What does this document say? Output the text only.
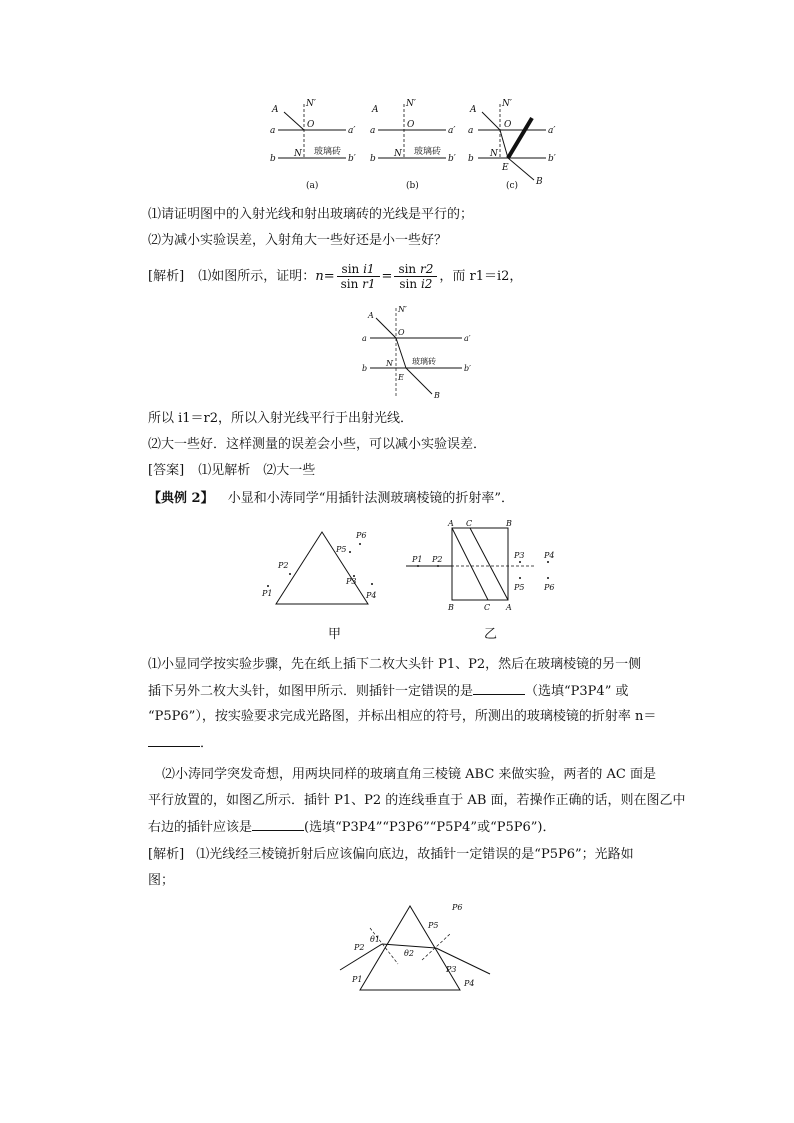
A
N′
O
a	a′
b	b′
N 玻璃砖
(a)
A
N′
O
a	a′
b	b′
N 玻璃砖
(b)
A
N′
O
a	a′
b	b′
N
E
B
(c)
⑴请证明图中的入射光线和射出玻璃砖的光线是平行的；
⑵为减小实验误差，入射角大一些好还是小一些好？
[解析] ⑴如图所示，证明：$n= \frac{\text{sin i1}}{\text{sin r1}} = \frac{\text{sin r2}}{\text{sin i2}}$ ，而 r1＝i2，
A
N′
O
a	a′
b	b′
N 玻璃砖
E
B
所以 i1＝r2，所以入射光线平行于出射光线．
⑵大一些好．这样测量的误差会小些，可以减小实验误差．
[答案] ⑴见解析　⑵大一些
【典例 2】 小显和小涛同学“用插针法测玻璃棱镜的折射率”．
P1
P2
P3
P4
P5
P6
甲
A C	B
B	C A
P1 P2	P3
P5
P4
P6
乙
⑴小显同学按实验步骤，先在纸上插下二枚大头针 P1、P2，然后在玻璃棱镜的另一侧
插下另外二枚大头针，如图甲所示．则插针一定错误的是	（选填“P3P4” 或
“P5P6”），按实验要求完成光路图，并标出相应的符号，所测出的玻璃棱镜的折射率 n＝
．
⑵小涛同学突发奇想，用两块同样的玻璃直角三棱镜 ABC 来做实验，两者的 AC 面是
平行放置的，如图乙所示．插针 P1、P2 的连线垂直于 AB 面，若操作正确的话，则在图乙中
右边的插针应该是	(选填“P3P4”“P3P6”“P5P4”或“P5P6”)．
[解析] ⑴光线经三棱镜折射后应该偏向底边，故插针一定错误的是“P5P6”；光路如
图；
P1
P2
P3
P4
P5
P6
θ1
θ2
